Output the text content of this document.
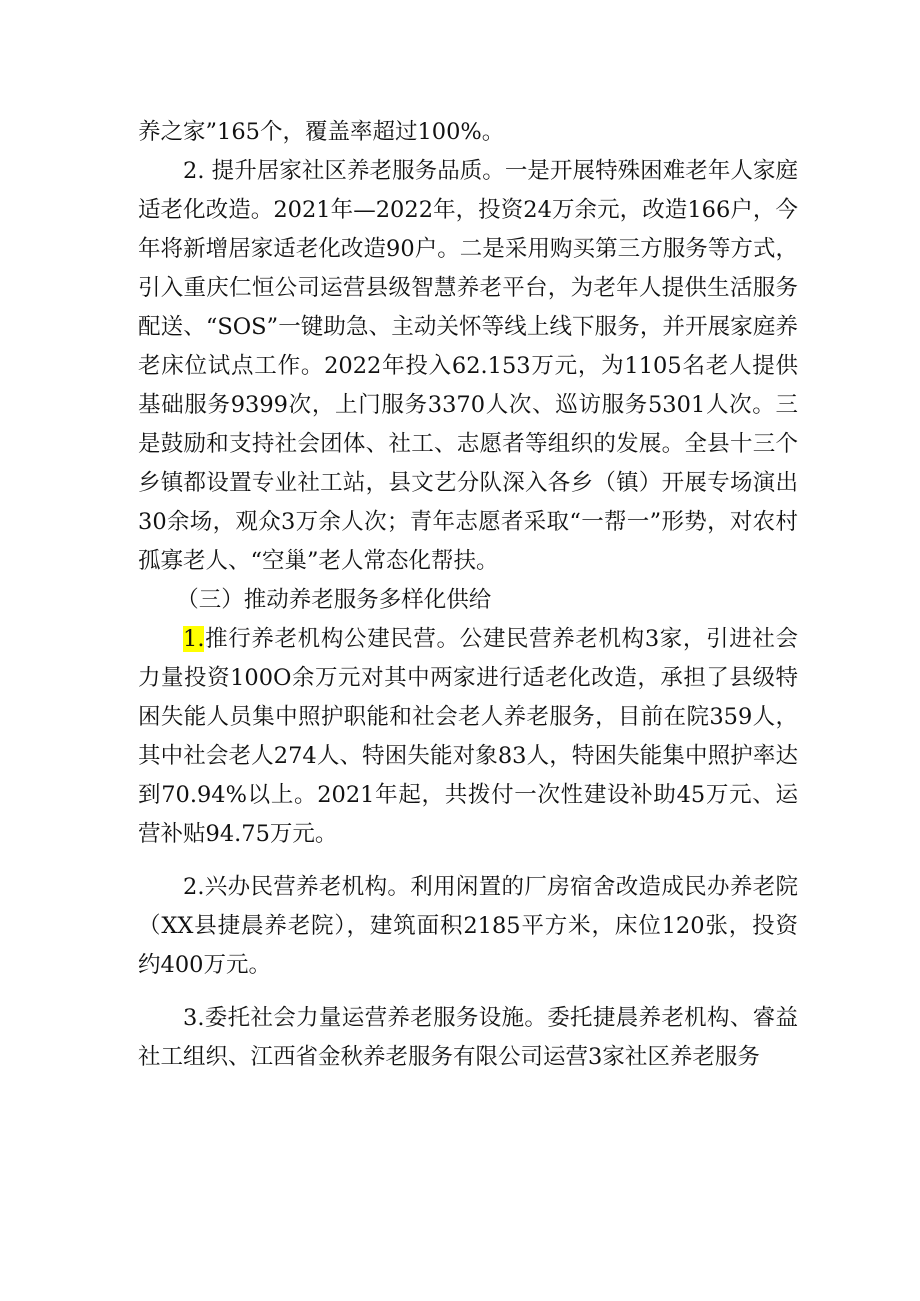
养之家”165个，覆盖率超过100%。

2. 提升居家社区养老服务品质。一是开展特殊困难老年人家庭适老化改造。2021年—2022年，投资24万余元，改造166户，今年将新增居家适老化改造90户。二是采用购买第三方服务等方式，引入重庆仁恒公司运营县级智慧养老平台，为老年人提供生活服务配送、“SOS”一键助急、主动关怀等线上线下服务，并开展家庭养老床位试点工作。2022年投入62.153万元，为1105名老人提供基础服务9399次，上门服务3370人次、巡访服务5301人次。三是鼓励和支持社会团体、社工、志愿者等组织的发展。全县十三个乡镇都设置专业社工站，县文艺分队深入各乡（镇）开展专场演出30余场，观众3万余人次；青年志愿者采取“一帮一”形势，对农村孤寡老人、“空巢”老人常态化帮扶。

（三）推动养老服务多样化供给

1.推行养老机构公建民营。公建民营养老机构3家，引进社会力量投资100O余万元对其中两家进行适老化改造，承担了县级特困失能人员集中照护职能和社会老人养老服务，目前在院359人，其中社会老人274人、特困失能对象83人，特困失能集中照护率达到70.94%以上。2021年起，共拨付一次性建设补助45万元、运营补贴94.75万元。

2.兴办民营养老机构。利用闲置的厂房宿舍改造成民办养老院（XX县捷晨养老院），建筑面积2185平方米，床位120张，投资约400万元。

3.委托社会力量运营养老服务设施。委托捷晨养老机构、睿益社工组织、江西省金秋养老服务有限公司运营3家社区养老服务
